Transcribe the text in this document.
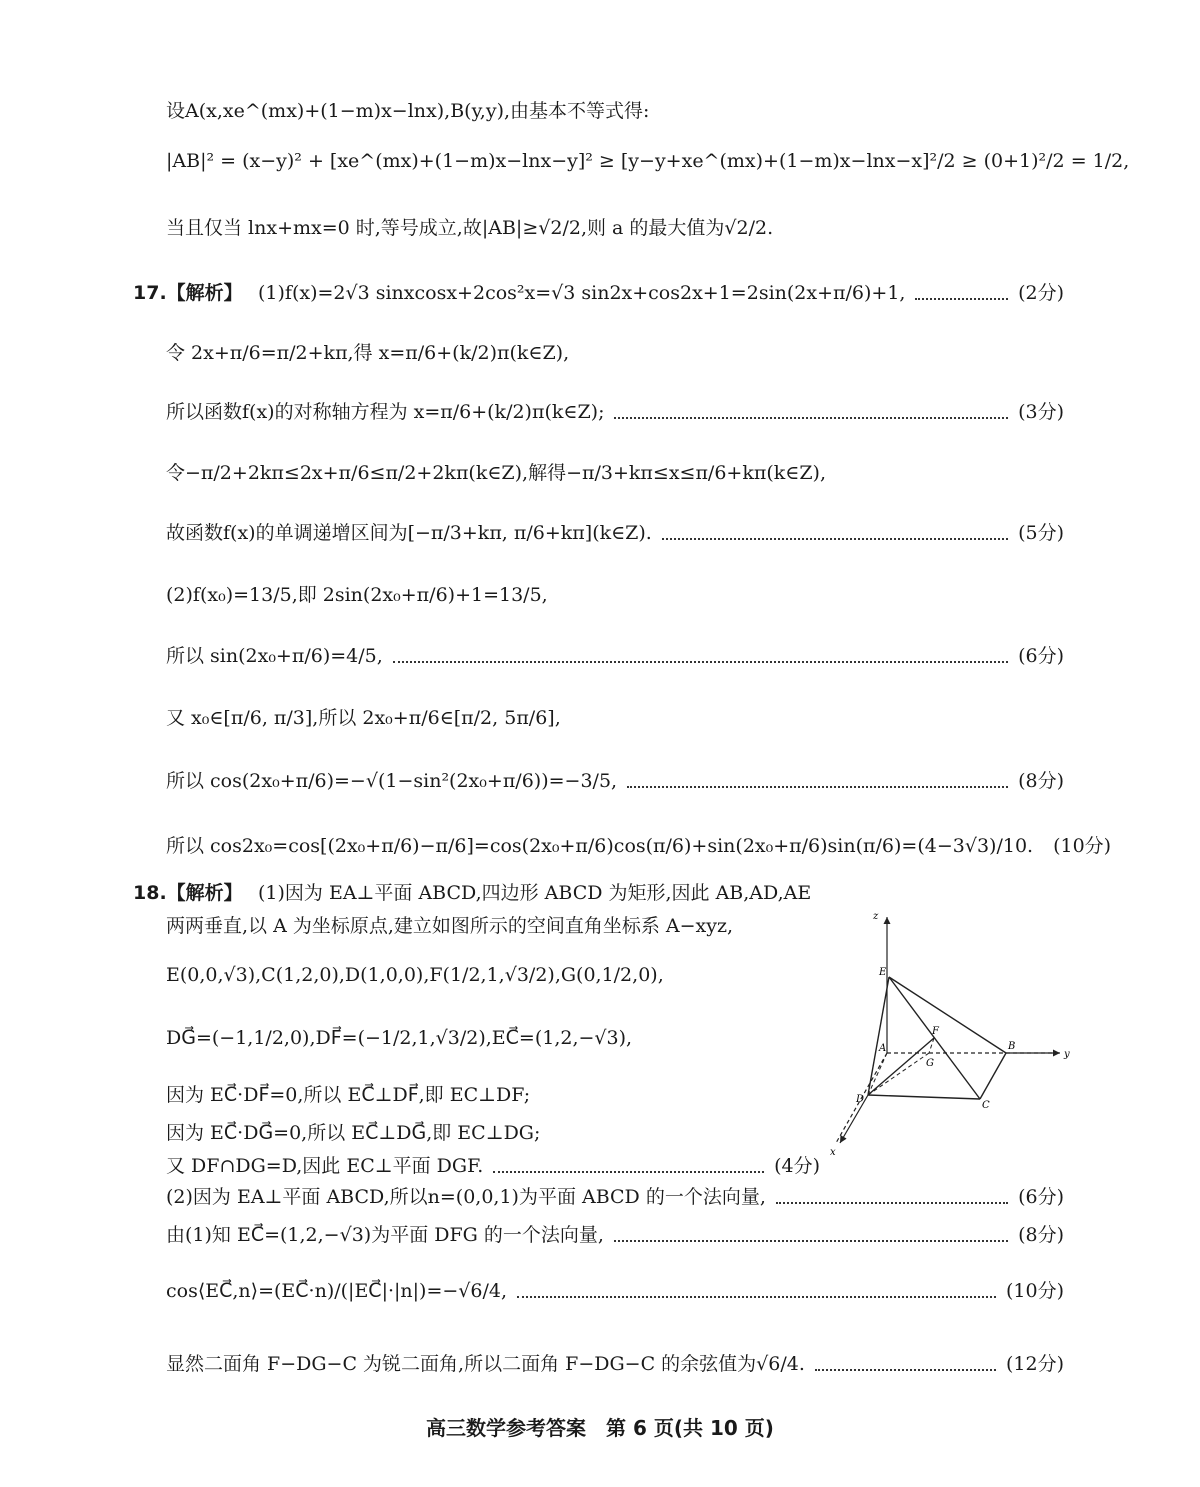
设A(x,xe^(mx)+(1−m)x−lnx),B(y,y),由基本不等式得:
|AB|² = (x−y)² + [xe^(mx)+(1−m)x−lnx−y]² ≥ [y−y+xe^(mx)+(1−m)x−lnx−x]²/2 ≥ (0+1)²/2 = 1/2,
当且仅当 lnx+mx=0 时,等号成立,故|AB|≥√2/2,则 a 的最大值为√2/2.
17.【解析】 (1)f(x)=2√3 sinxcosx+2cos²x=√3 sin2x+cos2x+1=2sin(2x+π/6)+1,	(2分)
令 2x+π/6=π/2+kπ,得 x=π/6+(k/2)π(k∈Z),
所以函数f(x)的对称轴方程为 x=π/6+(k/2)π(k∈Z);	(3分)
令−π/2+2kπ≤2x+π/6≤π/2+2kπ(k∈Z),解得−π/3+kπ≤x≤π/6+kπ(k∈Z),
故函数f(x)的单调递增区间为[−π/3+kπ, π/6+kπ](k∈Z).	(5分)
(2)f(x₀)=13/5,即 2sin(2x₀+π/6)+1=13/5,
所以 sin(2x₀+π/6)=4/5,	(6分)
又 x₀∈[π/6, π/3],所以 2x₀+π/6∈[π/2, 5π/6],
所以 cos(2x₀+π/6)=−√(1−sin²(2x₀+π/6))=−3/5,	(8分)
所以 cos2x₀=cos[(2x₀+π/6)−π/6]=cos(2x₀+π/6)cos(π/6)+sin(2x₀+π/6)sin(π/6)=(4−3√3)/10. (10分)
18.【解析】 (1)因为 EA⊥平面 ABCD,四边形 ABCD 为矩形,因此 AB,AD,AE
两两垂直,以 A 为坐标原点,建立如图所示的空间直角坐标系 A−xyz,
E(0,0,√3),C(1,2,0),D(1,0,0),F(1/2,1,√3/2),G(0,1/2,0),
DG⃗=(−1,1/2,0),DF⃗=(−1/2,1,√3/2),EC⃗=(1,2,−√3),
因为 EC⃗·DF⃗=0,所以 EC⃗⊥DF⃗,即 EC⊥DF;
因为 EC⃗·DG⃗=0,所以 EC⃗⊥DG⃗,即 EC⊥DG;
又 DF∩DG=D,因此 EC⊥平面 DGF.	(4分)
(2)因为 EA⊥平面 ABCD,所以n=(0,0,1)为平面 ABCD 的一个法向量,	(6分)
由(1)知 EC⃗=(1,2,−√3)为平面 DFG 的一个法向量,	(8分)
cos⟨EC⃗,n⟩=(EC⃗·n)/(|EC⃗|·|n|)=−√6/4,	(10分)
显然二面角 F−DG−C 为锐二面角,所以二面角 F−DG−C 的余弦值为√6/4.	(12分)
z
y
x
E
F
A
G
B
D
C
高三数学参考答案　第 6 页(共 10 页)
